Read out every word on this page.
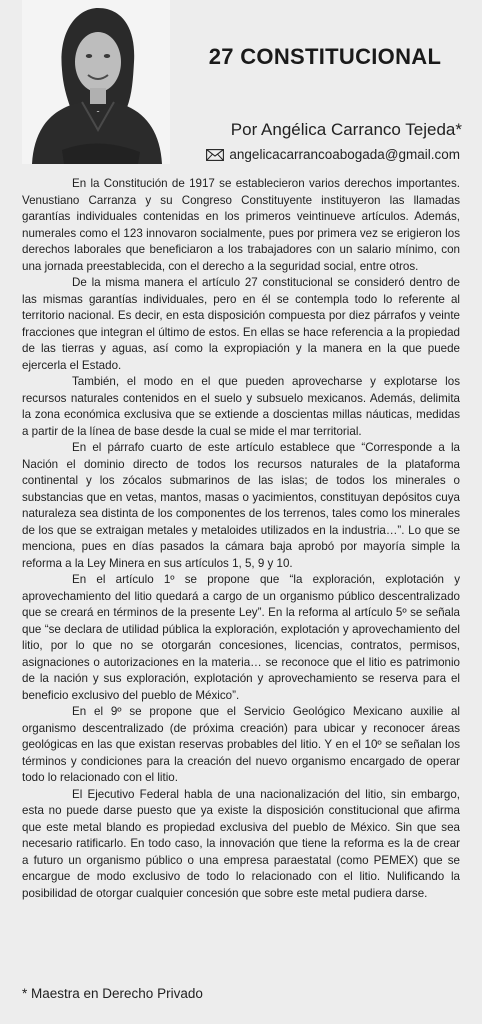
27 CONSTITUCIONAL
Por Angélica Carranco Tejeda*
angelicacarrancoabogada@gmail.com

En la Constitución de 1917 se establecieron varios derechos importantes. Venustiano Carranza y su Congreso Constituyente instituyeron las llamadas garantías individuales contenidas en los primeros veintinueve artículos. Además, numerales como el 123 innovaron socialmente, pues por primera vez se erigieron los derechos laborales que beneficiaron a los trabajadores con un salario mínimo, con una jornada preestablecida, con el derecho a la seguridad social, entre otros.

De la misma manera el artículo 27 constitucional se consideró dentro de las mismas garantías individuales, pero en él se contempla todo lo referente al territorio nacional. Es decir, en esta disposición compuesta por diez párrafos y veinte fracciones que integran el último de estos. En ellas se hace referencia a la propiedad de las tierras y aguas, así como la expropiación y la manera en la que puede ejercerla el Estado.

También, el modo en el que pueden aprovecharse y explotarse los recursos naturales contenidos en el suelo y subsuelo mexicanos. Además, delimita la zona económica exclusiva que se extiende a doscientas millas náuticas, medidas a partir de la línea de base desde la cual se mide el mar territorial.

En el párrafo cuarto de este artículo establece que “Corresponde a la Nación el dominio directo de todos los recursos naturales de la plataforma continental y los zócalos submarinos de las islas; de todos los minerales o substancias que en vetas, mantos, masas o yacimientos, constituyan depósitos cuya naturaleza sea distinta de los componentes de los terrenos, tales como los minerales de los que se extraigan metales y metaloides utilizados en la industria…”. Lo que se menciona, pues en días pasados la cámara baja aprobó por mayoría simple la reforma a la Ley Minera en sus artículos 1, 5, 9 y 10.

En el artículo 1º se propone que “la exploración, explotación y aprovechamiento del litio quedará a cargo de un organismo público descentralizado que se creará en términos de la presente Ley”. En la reforma al artículo 5º se señala que “se declara de utilidad pública la exploración, explotación y aprovechamiento del litio, por lo que no se otorgarán concesiones, licencias, contratos, permisos, asignaciones o autorizaciones en la materia… se reconoce que el litio es patrimonio de la nación y sus exploración, explotación y aprovechamiento se reserva para el beneficio exclusivo del pueblo de México”.

En el 9º se propone que el Servicio Geológico Mexicano auxilie al organismo descentralizado (de próxima creación) para ubicar y reconocer áreas geológicas en las que existan reservas probables del litio. Y en el 10º se señalan los términos y condiciones para la creación del nuevo organismo encargado de operar todo lo relacionado con el litio.

El Ejecutivo Federal habla de una nacionalización del litio, sin embargo, esta no puede darse puesto que ya existe la disposición constitucional que afirma que este metal blando es propiedad exclusiva del pueblo de México. Sin que sea necesario ratificarlo. En todo caso, la innovación que tiene la reforma es la de crear a futuro un organismo público o una empresa paraestatal (como PEMEX) que se encargue de modo exclusivo de todo lo relacionado con el litio. Nulificando la posibilidad de otorgar cualquier concesión que sobre este metal pudiera darse.

* Maestra en Derecho Privado
